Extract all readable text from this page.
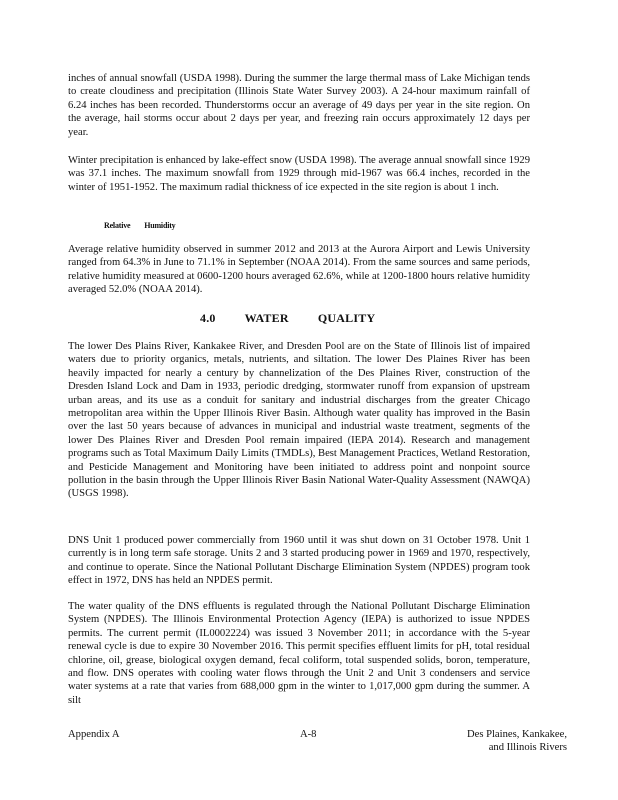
inches of annual snowfall (USDA 1998). During the summer the large thermal mass of Lake Michigan tends to create cloudiness and precipitation (Illinois State Water Survey 2003). A 24-hour maximum rainfall of 6.24 inches has been recorded. Thunderstorms occur an average of 49 days per year in the site region. On the average, hail storms occur about 2 days per year, and freezing rain occurs approximately 12 days per year.

Winter precipitation is enhanced by lake-effect snow (USDA 1998). The average annual snowfall since 1929 was 37.1 inches. The maximum snowfall from 1929 through mid-1967 was 66.4 inches, recorded in the winter of 1951-1952. The maximum radial thickness of ice expected in the site region is about 1 inch.

Relative Humidity

Average relative humidity observed in summer 2012 and 2013 at the Aurora Airport and Lewis University ranged from 64.3% in June to 71.1% in September (NOAA 2014). From the same sources and same periods, relative humidity measured at 0600-1200 hours averaged 62.6%, while at 1200-1800 hours relative humidity averaged 52.0% (NOAA 2014).

4.0 WATER QUALITY

The lower Des Plains River, Kankakee River, and Dresden Pool are on the State of Illinois list of impaired waters due to priority organics, metals, nutrients, and siltation. The lower Des Plaines River has been heavily impacted for nearly a century by channelization of the Des Plaines River, construction of the Dresden Island Lock and Dam in 1933, periodic dredging, stormwater runoff from expansion of upstream urban areas, and its use as a conduit for sanitary and industrial discharges from the greater Chicago metropolitan area within the Upper Illinois River Basin. Although water quality has improved in the Basin over the last 50 years because of advances in municipal and industrial waste treatment, segments of the lower Des Plaines River and Dresden Pool remain impaired (IEPA 2014). Research and management programs such as Total Maximum Daily Limits (TMDLs), Best Management Practices, Wetland Restoration, and Pesticide Management and Monitoring have been initiated to address point and nonpoint source pollution in the basin through the Upper Illinois River Basin National Water-Quality Assessment (NAWQA) (USGS 1998).

DNS Unit 1 produced power commercially from 1960 until it was shut down on 31 October 1978. Unit 1 currently is in long term safe storage. Units 2 and 3 started producing power in 1969 and 1970, respectively, and continue to operate. Since the National Pollutant Discharge Elimination System (NPDES) program took effect in 1972, DNS has held an NPDES permit.

The water quality of the DNS effluents is regulated through the National Pollutant Discharge Elimination System (NPDES). The Illinois Environmental Protection Agency (IEPA) is authorized to issue NPDES permits. The current permit (IL0002224) was issued 3 November 2011; in accordance with the 5-year renewal cycle is due to expire 30 November 2016. This permit specifies effluent limits for pH, total residual chlorine, oil, grease, biological oxygen demand, fecal coliform, total suspended solids, boron, temperature, and flow. DNS operates with cooling water flows through the Unit 2 and Unit 3 condensers and service water systems at a rate that varies from 688,000 gpm in the winter to 1,017,000 gpm during the summer. A silt

Appendix A	A-8	Des Plaines, Kankakee, and Illinois Rivers
